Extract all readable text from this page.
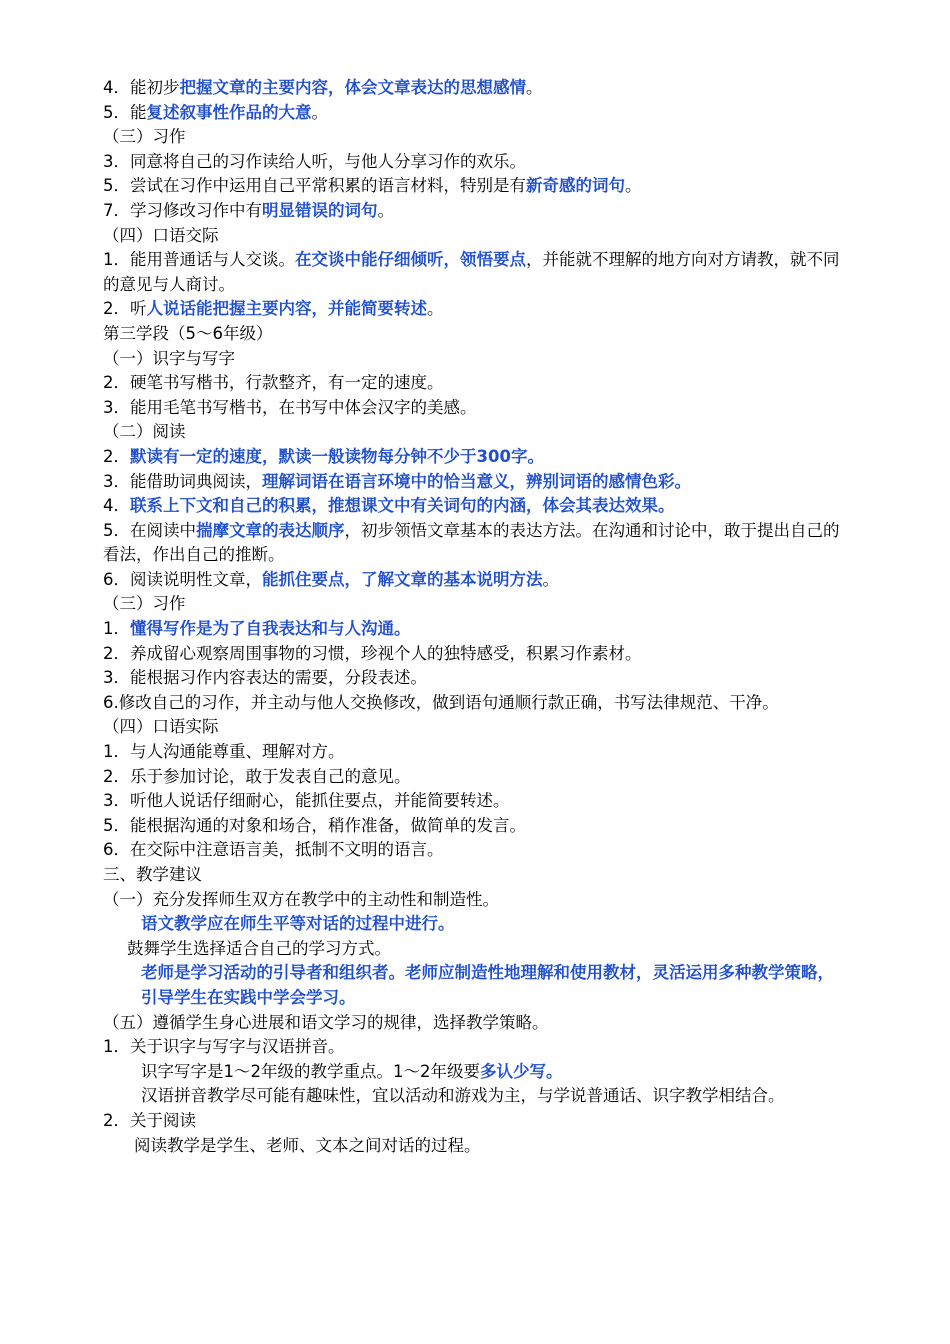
4．能初步把握文章的主要内容，体会文章表达的思想感情。
5．能复述叙事性作品的大意。
（三）习作
3．同意将自己的习作读给人听，与他人分享习作的欢乐。
5．尝试在习作中运用自己平常积累的语言材料，特别是有新奇感的词句。
7．学习修改习作中有明显错误的词句。
（四）口语交际
1．能用普通话与人交谈。在交谈中能仔细倾听，领悟要点，并能就不理解的地方向对方请教，就不同的意见与人商讨。
2．听人说话能把握主要内容，并能简要转述。
第三学段（5～6年级）
（一）识字与写字
2．硬笔书写楷书，行款整齐，有一定的速度。
3．能用毛笔书写楷书，在书写中体会汉字的美感。
（二）阅读
2．默读有一定的速度，默读一般读物每分钟不少于300字。
3．能借助词典阅读，理解词语在语言环境中的恰当意义，辨别词语的感情色彩。
4．联系上下文和自己的积累，推想课文中有关词句的内涵，体会其表达效果。
5．在阅读中揣摩文章的表达顺序，初步领悟文章基本的表达方法。在沟通和讨论中，敢于提出自己的看法，作出自己的推断。
6．阅读说明性文章，能抓住要点，了解文章的基本说明方法。
（三）习作
1．懂得写作是为了自我表达和与人沟通。
2．养成留心观察周围事物的习惯，珍视个人的独特感受，积累习作素材。
3．能根据习作内容表达的需要，分段表述。
6.修改自己的习作，并主动与他人交换修改，做到语句通顺行款正确，书写法律规范、干净。
（四）口语实际
1．与人沟通能尊重、理解对方。
2．乐于参加讨论，敢于发表自己的意见。
3．听他人说话仔细耐心，能抓住要点，并能简要转述。
5．能根据沟通的对象和场合，稍作准备，做简单的发言。
6．在交际中注意语言美，抵制不文明的语言。
三、教学建议
（一）充分发挥师生双方在教学中的主动性和制造性。
语文教学应在师生平等对话的过程中进行。
鼓舞学生选择适合自己的学习方式。
老师是学习活动的引导者和组织者。老师应制造性地理解和使用教材，灵活运用多种教学策略，引导学生在实践中学会学习。
（五）遵循学生身心进展和语文学习的规律，选择教学策略。
1．关于识字与写字与汉语拼音。
识字写字是1～2年级的教学重点。1～2年级要多认少写。
汉语拼音教学尽可能有趣味性，宜以活动和游戏为主，与学说普通话、识字教学相结合。
2．关于阅读
阅读教学是学生、老师、文本之间对话的过程。
